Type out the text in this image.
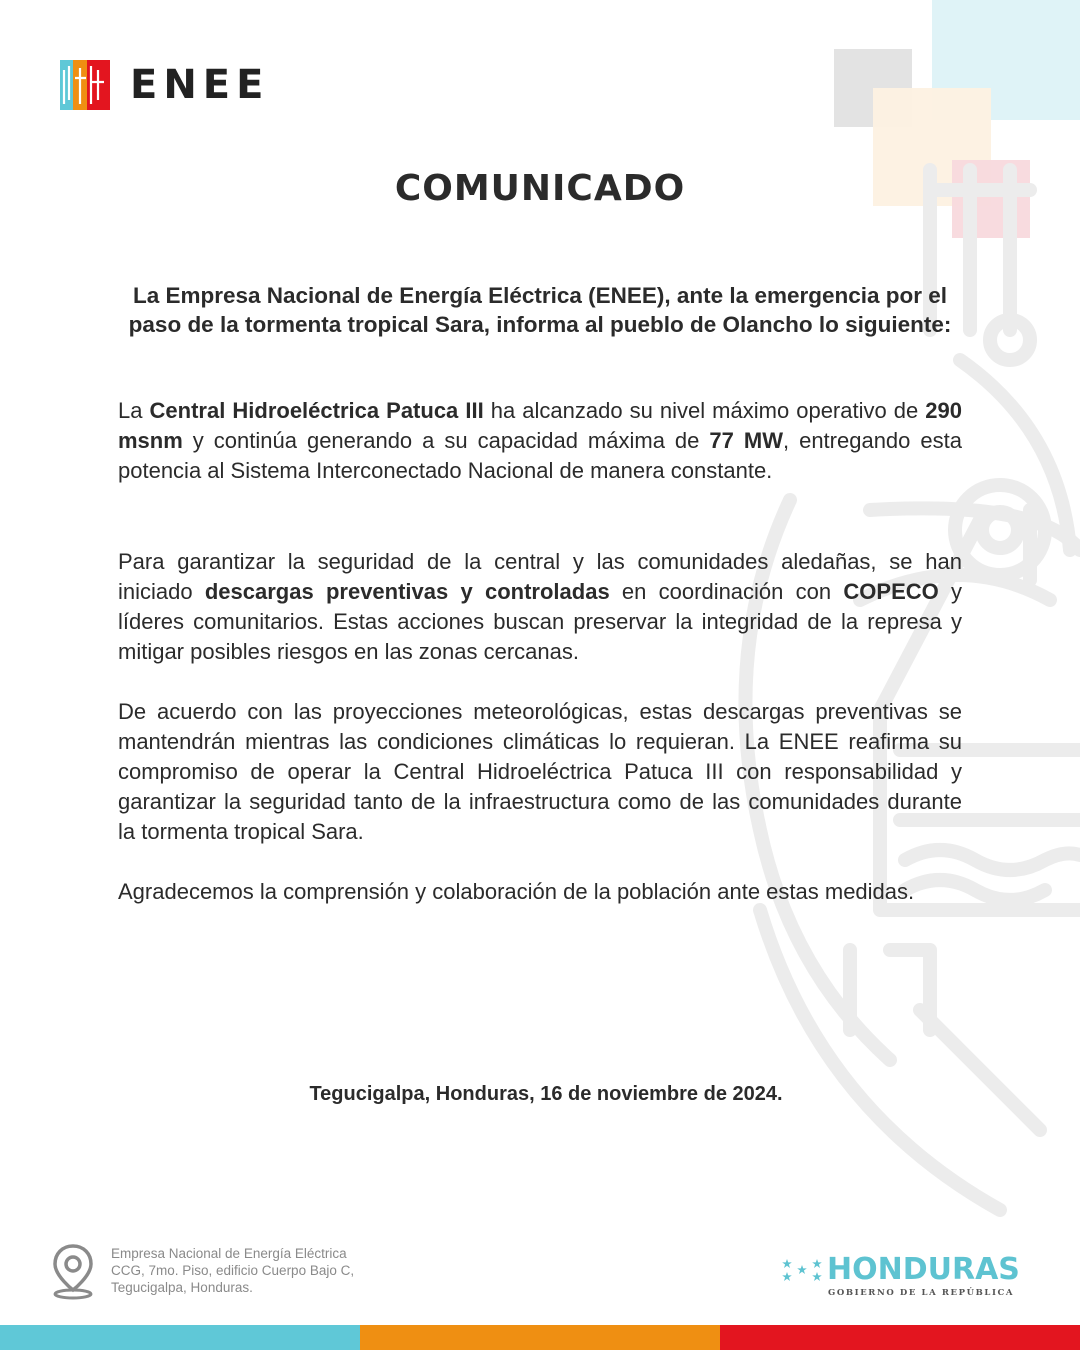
ENEE
COMUNICADO
La Empresa Nacional de Energía Eléctrica (ENEE), ante la emergencia por el paso de la tormenta tropical Sara, informa al pueblo de Olancho lo siguiente:
La Central Hidroeléctrica Patuca III ha alcanzado su nivel máximo operativo de 290 msnm y continúa generando a su capacidad máxima de 77 MW, entregando esta potencia al Sistema Interconectado Nacional de manera constante.
Para garantizar la seguridad de la central y las comunidades aledañas, se han iniciado descargas preventivas y controladas en coordinación con COPECO y líderes comunitarios. Estas acciones buscan preservar la integridad de la represa y mitigar posibles riesgos en las zonas cercanas.
De acuerdo con las proyecciones meteorológicas, estas descargas preventivas se mantendrán mientras las condiciones climáticas lo requieran. La ENEE reafirma su compromiso de operar la Central Hidroeléctrica Patuca III con responsabilidad y garantizar la seguridad tanto de la infraestructura como de las comunidades durante la tormenta tropical Sara.
Agradecemos la comprensión y colaboración de la población ante estas medidas.
Tegucigalpa, Honduras, 16 de noviembre de 2024.
Empresa Nacional de Energía Eléctrica
CCG, 7mo. Piso, edificio Cuerpo Bajo C,
Tegucigalpa, Honduras.
HONDURAS
GOBIERNO DE LA REPÚBLICA
